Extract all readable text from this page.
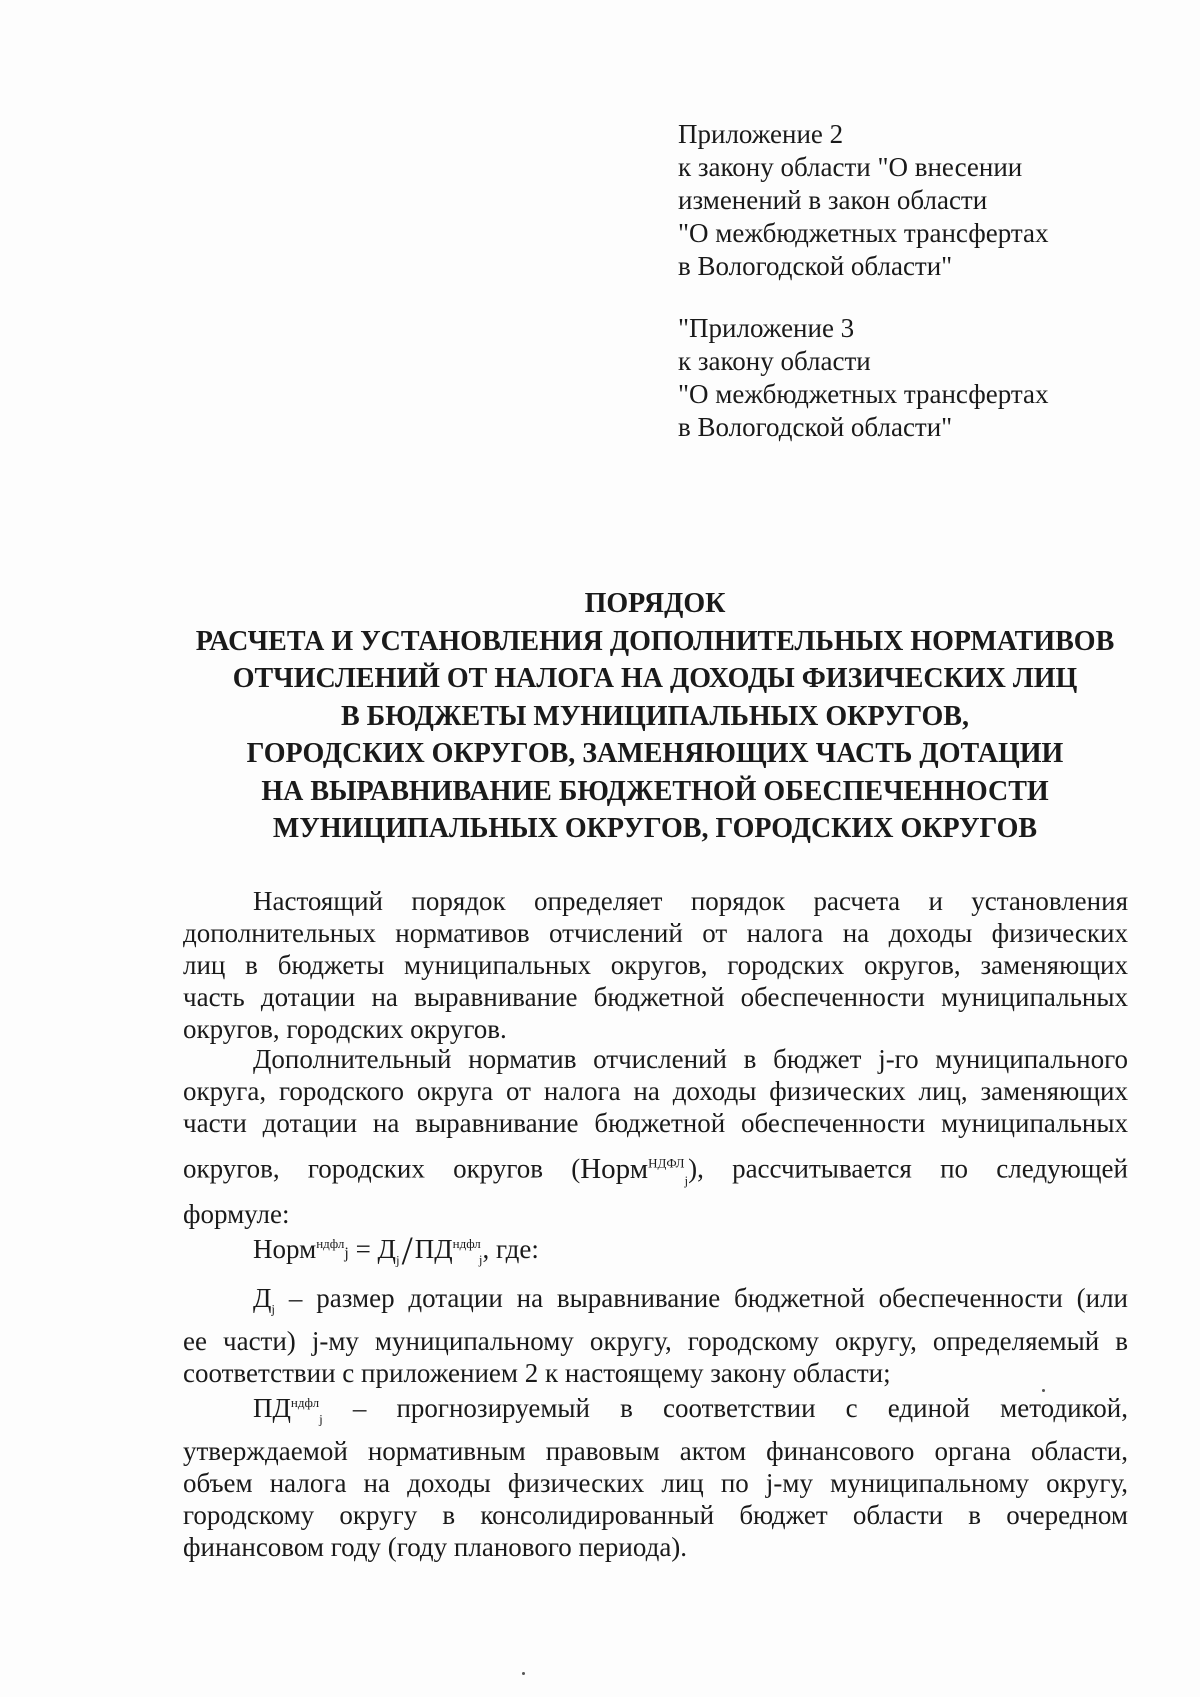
Приложение 2
к закону области "О внесении
изменений в закон области
"О межбюджетных трансфертах
в Вологодской области"
"Приложение 3
к закону области
"О межбюджетных трансфертах
в Вологодской области"
ПОРЯДОК
РАСЧЕТА И УСТАНОВЛЕНИЯ ДОПОЛНИТЕЛЬНЫХ НОРМАТИВОВ
ОТЧИСЛЕНИЙ ОТ НАЛОГА НА ДОХОДЫ ФИЗИЧЕСКИХ ЛИЦ
В БЮДЖЕТЫ МУНИЦИПАЛЬНЫХ ОКРУГОВ,
ГОРОДСКИХ ОКРУГОВ, ЗАМЕНЯЮЩИХ ЧАСТЬ ДОТАЦИИ
НА ВЫРАВНИВАНИЕ БЮДЖЕТНОЙ ОБЕСПЕЧЕННОСТИ
МУНИЦИПАЛЬНЫХ ОКРУГОВ, ГОРОДСКИХ ОКРУГОВ
Настоящий порядок определяет порядок расчета и установления
дополнительных нормативов отчислений от налога на доходы физических
лиц в бюджеты муниципальных округов, городских округов, заменяющих
часть дотации на выравнивание бюджетной обеспеченности муниципальных
округов, городских округов.
Дополнительный норматив отчислений в бюджет j-го муниципального
округа, городского округа от налога на доходы физических лиц, заменяющих
части дотации на выравнивание бюджетной обеспеченности муниципальных
округов, городских округов (Норм$^{НДФЛ}_j$), рассчитывается по следующей
формуле:
Норм$^{ндфл}$j = $Д_j/ПД^{ндфл}_j$, где:
$Д_j$ – размер дотации на выравнивание бюджетной обеспеченности (или
ее части) j-му муниципальному округу, городскому округу, определяемый в
соответствии с приложением 2 к настоящему закону области;
$ПД^{ндфл}_j$ – прогнозируемый в соответствии с единой методикой,
утверждаемой нормативным правовым актом финансового органа области,
объем налога на доходы физических лиц по j-му муниципальному округу,
городскому округу в консолидированный бюджет области в очередном
финансовом году (году планового периода).
